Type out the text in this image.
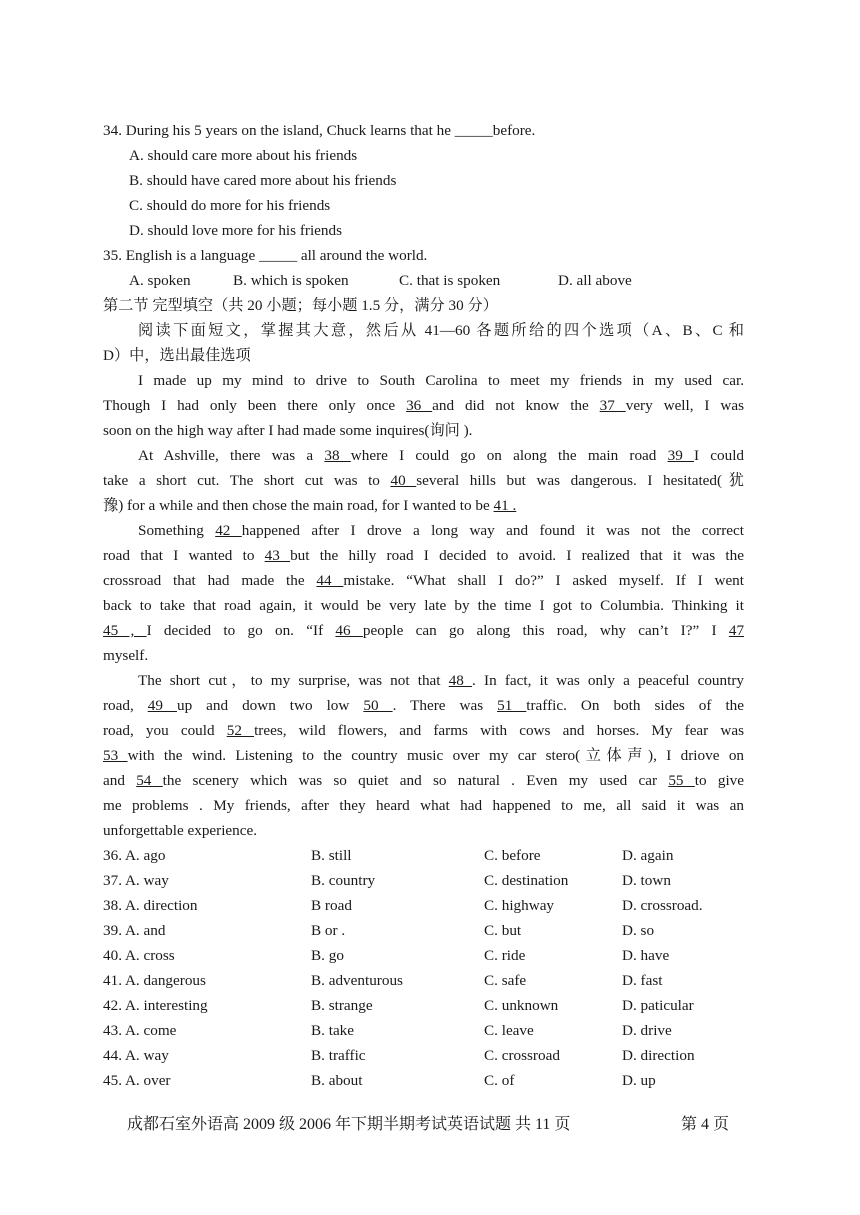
34. During his 5 years on the island, Chuck learns that he _____before.
A. should care more about his friends
B. should have cared more about his friends
C. should do more for his friends
D. should love more for his friends
35. English is a language _____ all around the world.
A. spoken	B. which is spoken	C. that is spoken	D. all above
第二节 完型填空（共 20 小题；每小题 1.5 分，满分 30 分）
阅读下面短文，掌握其大意，然后从 41—60 各题所给的四个选项（A、B、C 和
D）中，选出最佳选项
I made up my mind to drive to South Carolina to meet my friends in my used car.
Though I had only been there only once 36 and did not know the 37 very well, I was
soon on the high way after I had made some inquires(询问 ).
At Ashville, there was a 38 where I could go on along the main road 39 I could
take a short cut. The short cut was to 40 several hills but was dangerous. I hesitated(犹
豫) for a while and then chose the main road, for I wanted to be 41 .
Something 42 happened after I drove a long way and found it was not the correct
road that I wanted to 43 but the hilly road I decided to avoid. I realized that it was the
crossroad that had made the 44 mistake. “What shall I do?” I asked myself. If I went
back to take that road again, it would be very late by the time I got to Columbia. Thinking it
45 , I decided to go on. “If 46 people can go along this road, why can’t I?” I 47
myself.
The short cut，to my surprise, was not that 48 . In fact, it was only a peaceful country
road, 49 up and down two low 50 . There was 51 traffic. On both sides of the
road, you could 52 trees, wild flowers, and farms with cows and horses. My fear was
53 with the wind. Listening to the country music over my car stero(立体声), I driove on
and 54 the scenery which was so quiet and so natural . Even my used car 55 to give
me problems . My friends, after they heard what had happened to me, all said it was an
unforgettable experience.
36. A. ago	B. still	C. before	D. again
37. A. way	B. country	C. destination	D. town
38. A. direction	B road	C. highway	D. crossroad.
39. A. and	B or .	C. but	D. so
40. A. cross	B. go	C. ride	D. have
41. A. dangerous	B. adventurous	C. safe	D. fast
42. A. interesting	B. strange	C. unknown	D. paticular
43. A. come	B. take	C. leave	D. drive
44. A. way	B. traffic	C. crossroad	D. direction
45. A. over	B. about	C. of	D. up
成都石室外语高 2009 级 2006 年下期半期考试英语试题 共 11 页	第 4 页
